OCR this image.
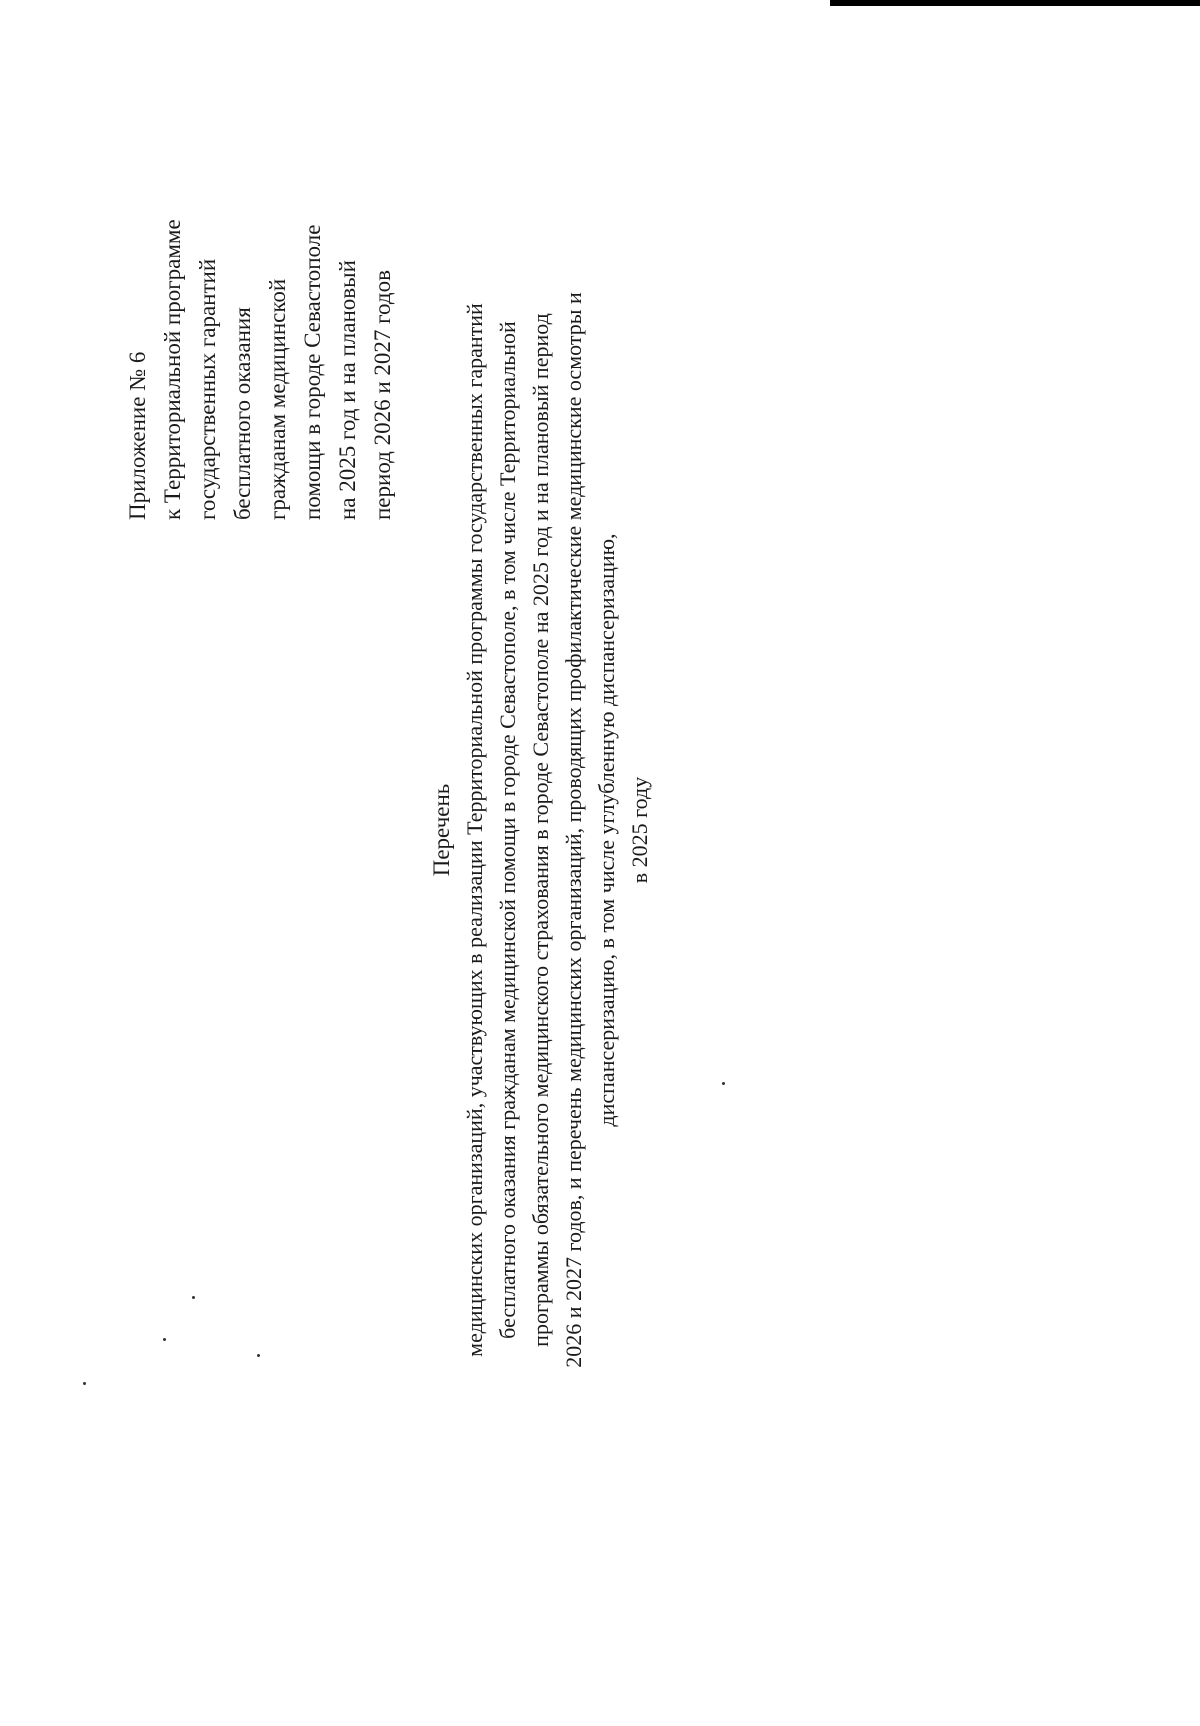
Приложение № 6 к Территориальной программе государственных гарантий бесплатного оказания гражданам медицинской помощи в городе Севастополе на 2025 год и на плановый период 2026 и 2027 годов
Перечень медицинских организаций, участвующих в реализации Территориальной программы государственных гарантий бесплатного оказания гражданам медицинской помощи в городе Севастополе, в том числе Территориальной программы обязательного медицинского страхования в городе Севастополе на 2025 год и на плановый период 2026 и 2027 годов, и перечень медицинских организаций, проводящих профилактические медицинские осмотры и диспансеризацию, в том числе углубленную диспансеризацию, в 2025 году
